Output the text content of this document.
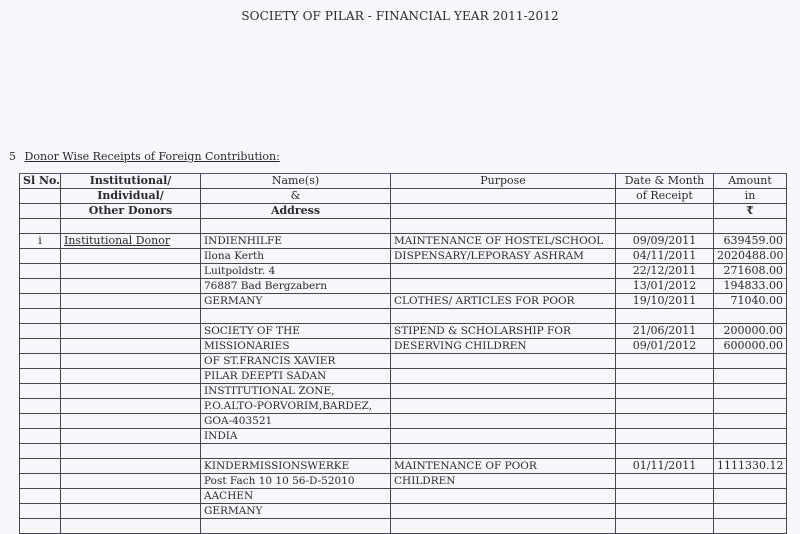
SOCIETY OF PILAR - FINANCIAL YEAR 2011-2012
5 Donor Wise Receipts of Foreign Contribution:
Sl No.	Institutional/	Name(s)	Purpose	Date & Month	Amount
	Individual/	&		of Receipt	in
	Other Donors	Address			₹

i	Institutional Donor	INDIENHILFE	MAINTENANCE OF HOSTEL/SCHOOL	09/09/2011	639459.00
		Ilona Kerth	DISPENSARY/LEPORASY ASHRAM	04/11/2011	2020488.00
		Luitpoldstr. 4		22/12/2011	271608.00
		76887 Bad Bergzabern		13/01/2012	194833.00
		GERMANY	CLOTHES/ ARTICLES FOR POOR	19/10/2011	71040.00

		SOCIETY OF THE	STIPEND & SCHOLARSHIP FOR	21/06/2011	200000.00
		MISSIONARIES	DESERVING CHILDREN	09/01/2012	600000.00
		OF ST.FRANCIS XAVIER			
		PILAR DEEPTI SADAN			
		INSTITUTIONAL ZONE,			
		P.O.ALTO-PORVORIM,BARDEZ,			
		GOA-403521			
		INDIA			

		KINDERMISSIONSWERKE	MAINTENANCE OF POOR	01/11/2011	1111330.12
		Post Fach 10 10 56-D-52010	CHILDREN		
		AACHEN			
		GERMANY			
